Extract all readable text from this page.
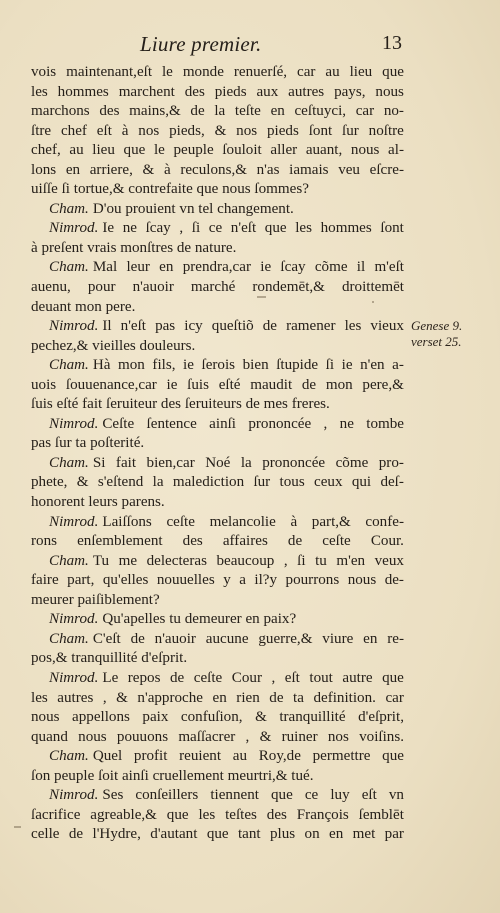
Liure premier.	13
vois maintenant,eſt le monde renuerſé, car au lieu que
les hommes marchent des pieds aux autres pays, nous
marchons des mains,& de la teſte en ceſtuyci, car no-
ſtre chef eſt à nos pieds, & nos pieds ſont ſur noſtre
chef, au lieu que le peuple ſouloit aller auant, nous al-
lons en arriere, & à reculons,& n'as iamais veu eſcre-
uiſſe ſi tortue,& contrefaite que nous ſommes?
Cham. D'ou prouient vn tel changement.
Nimrod. Ie ne ſcay , ſi ce n'eſt que les hommes ſont
à preſent vrais monſtres de nature.
Cham. Mal leur en prendra,car ie ſcay cõme il m'eſt
auenu, pour n'auoir marché rondemēt,& droittemēt
deuant mon pere.
Nimrod. Il n'eſt pas icy queſtiõ de ramener les vieux
pechez,& vieilles douleurs.
Cham. Hà mon fils, ie ſerois bien ſtupide ſi ie n'en a-
uois ſouuenance,car ie ſuis eſté maudit de mon pere,&
ſuis eſté fait ſeruiteur des ſeruiteurs de mes freres.
Nimrod. Ceſte ſentence ainſi prononcée , ne tombe
pas ſur ta poſterité.
Cham. Si fait bien,car Noé la prononcée cõme pro-
phete, & s'eſtend la malediction ſur tous ceux qui deſ-
honorent leurs parens.
Nimrod. Laiſſons ceſte melancolie à part,& confe-
rons enſemblement des affaires de ceſte Cour.
Cham. Tu me delecteras beaucoup , ſi tu m'en veux
faire part, qu'elles nouuelles y a il?y pourrons nous de-
meurer paiſiblement?
Nimrod. Qu'apelles tu demeurer en paix?
Cham. C'eſt de n'auoir aucune guerre,& viure en re-
pos,& tranquillité d'eſprit.
Nimrod. Le repos de ceſte Cour , eſt tout autre que
les autres , & n'approche en rien de ta definition. car
nous appellons paix confuſion, & tranquillité d'eſprit,
quand nous pouuons maſſacrer , & ruiner nos voiſins.
Cham. Quel profit reuient au Roy,de permettre que
ſon peuple ſoit ainſi cruellement meurtri,& tué.
Nimrod. Ses conſeillers tiennent que ce luy eſt vn
ſacrifice agreable,& que les teſtes des François ſemblēt
celle de l'Hydre, d'autant que tant plus on en met par
Genese 9.
verset 25.
